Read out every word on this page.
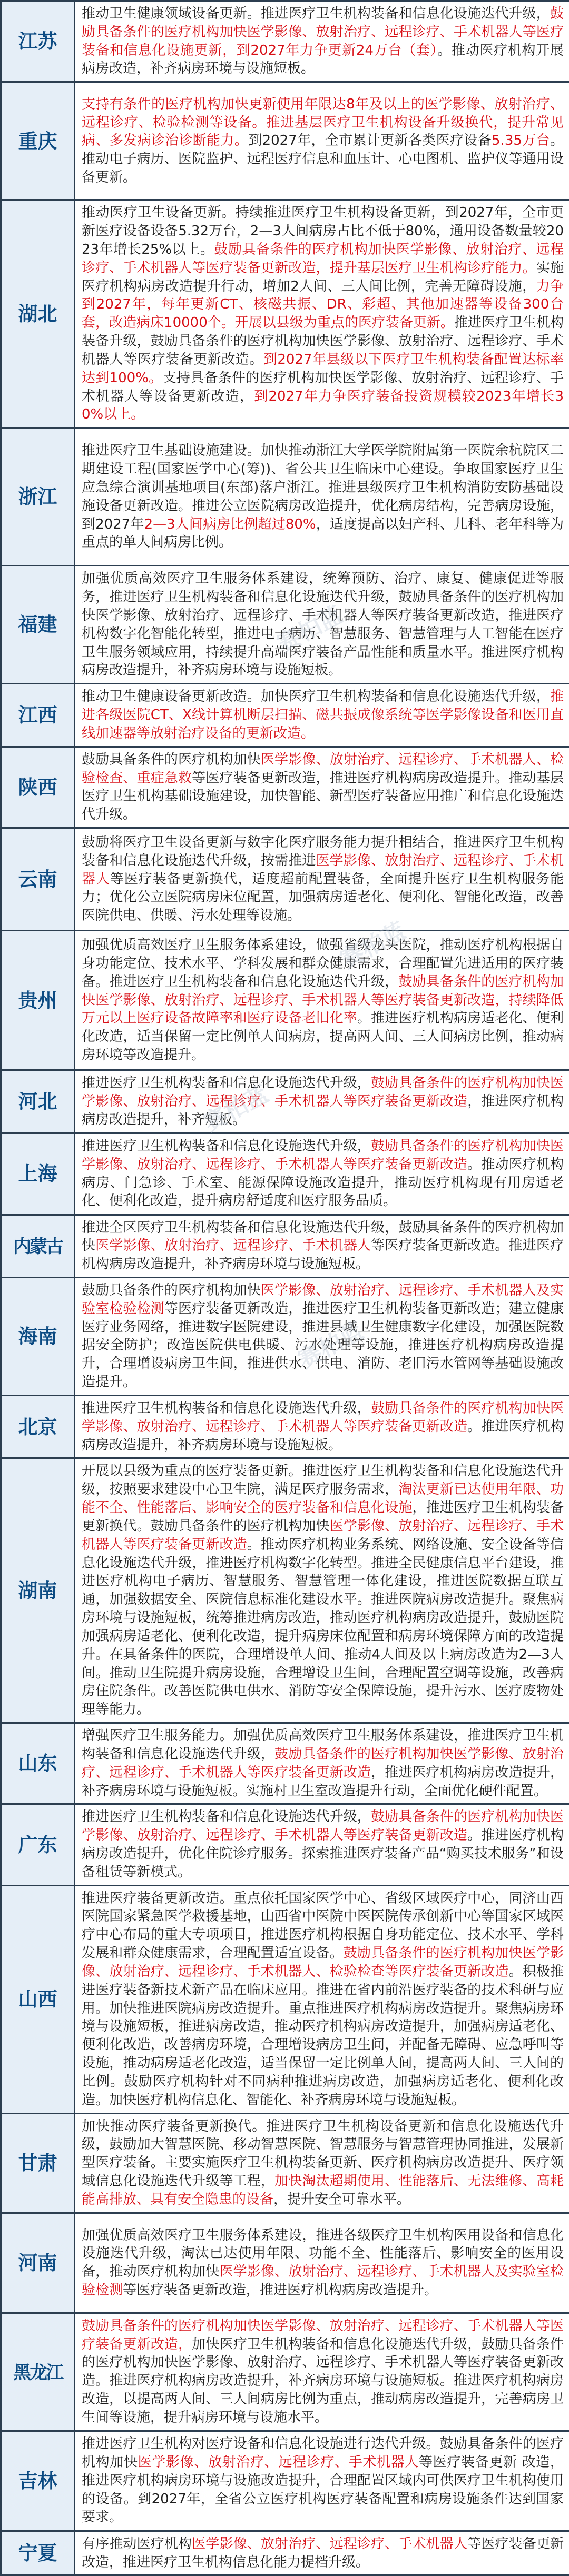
江苏	推动卫生健康领域设备更新。推进医疗卫生机构装备和信息化设施迭代升级，鼓励具备条件的医疗机构加快医学影像、放射治疗、远程诊疗、手术机器人等医疗装备和信息化设施更新，到2027年力争更新24万台（套）。推动医疗机构开展病房改造，补齐病房环境与设施短板。
重庆	支持有条件的医疗机构加快更新使用年限达8年及以上的医学影像、放射治疗、远程诊疗、检验检测等设备。推进基层医疗卫生机构设备升级换代，提升常见病、多发病诊治诊断能力。到2027年，全市累计更新各类医疗设备5.35万台。推动电子病历、医院监护、远程医疗信息和血压计、心电图机、监护仪等通用设备更新。
湖北	推动医疗卫生设备更新。持续推进医疗卫生机构设备更新，到2027年，全市更新医疗设备设备5.32万台，2—3人间病房占比不低于80%，通用设备数量较2023年增长25%以上。鼓励具备条件的医疗机构加快医学影像、放射治疗、远程诊疗、手术机器人等医疗装备更新改造，提升基层医疗卫生机构诊疗能力。实施医疗机构病房改造提升行动，增加2人间、三人间比例，完善无障碍设施，力争到2027年，每年更新CT、核磁共振、DR、彩超、其他加速器等设备300台套，改造病床10000个。开展以县级为重点的医疗装备更新。推进医疗卫生机构装备升级，鼓励具备条件的医疗机构加快医学影像、放射治疗、远程诊疗、手术机器人等医疗装备更新改造。到2027年县级以下医疗卫生机构装备配置达标率达到100%。支持具备条件的医疗机构加快医学影像、放射治疗、远程诊疗、手术机器人等设备更新改造，到2027年力争医疗装备投资规模较2023年增长30%以上。
浙江	推进医疗卫生基础设施建设。加快推动浙江大学医学院附属第一医院余杭院区二期建设工程(国家医学中心(筹))、省公共卫生临床中心建设。争取国家医疗卫生应急综合演训基地项目(东部)落户浙江。推进县级医疗卫生机构消防安防基础设施设备更新改造。推进公立医院病房改造提升，优化病房结构，完善病房设施，到2027年2—3人间病房比例超过80%，适度提高以妇产科、儿科、老年科等为重点的单人间病房比例。
福建	加强优质高效医疗卫生服务体系建设，统筹预防、治疗、康复、健康促进等服务，推进医疗卫生机构装备和信息化设施迭代升级，鼓励具备条件的医疗机构加快医学影像、放射治疗、远程诊疗、手术机器人等医疗装备更新改造，推进医疗机构数字化智能化转型，推进电子病历、智慧服务、智慧管理与人工智能在医疗卫生服务领域应用，持续提升高端医疗装备产品性能和质量水平。推进医疗机构病房改造提升，补齐病房环境与设施短板。
江西	推动卫生健康设备更新改造。加快医疗卫生机构装备和信息化设施迭代升级，推进各级医院CT、X线计算机断层扫描、磁共振成像系统等医学影像设备和医用直线加速器等放射治疗设备的更新改造。
陕西	鼓励具备条件的医疗机构加快医学影像、放射治疗、远程诊疗、手术机器人、检验检查、重症急救等医疗装备更新改造，推进医疗机构病房改造提升。推动基层医疗卫生机构基础设施建设，加快智能、新型医疗装备应用推广和信息化设施迭代升级。
云南	鼓励将医疗卫生设备更新与数字化医疗服务能力提升相结合，推进医疗卫生机构装备和信息化设施迭代升级，按需推进医学影像、放射治疗、远程诊疗、手术机器人等医疗装备更新换代，适度超前配置装备，全面提升医疗卫生机构服务能力；优化公立医院病房床位配置，加强病房适老化、便利化、智能化改造，改善医院供电、供暖、污水处理等设施。
贵州	加强优质高效医疗卫生服务体系建设，做强省级龙头医院，推动医疗机构根据自身功能定位、技术水平、学科发展和群众健康需求，合理配置先进适用的医疗装备。推进医疗卫生机构装备和信息化设施迭代升级，鼓励具备条件的医疗机构加快医学影像、放射治疗、远程诊疗、手术机器人等医疗装备更新改造，持续降低万元以上医疗设备故障率和医疗设备老旧化率。推进医疗机构病房适老化、便利化改造，适当保留一定比例单人间病房，提高两人间、三人间病房比例，推动病房环境等改造提升。
河北	推进医疗卫生机构装备和信息化设施迭代升级，鼓励具备条件的医疗机构加快医学影像、放射治疗、远程诊疗、手术机器人等医疗装备更新改造，推进医疗机构病房改造提升，补齐短板。
上海	推进医疗卫生机构装备和信息化设施迭代升级，鼓励具备条件的医疗机构加快医学影像、放射治疗、远程诊疗、手术机器人等医疗装备更新改造。推动医疗机构病房、门急诊、手术室、能源保障设施改造提升，推动医疗机构现有用房适老化、便利化改造，提升病房舒适度和医疗服务品质。
内蒙古	推进全区医疗卫生机构装备和信息化设施迭代升级，鼓励具备条件的医疗机构加快医学影像、放射治疗、远程诊疗、手术机器人等医疗装备更新改造。推进医疗机构病房改造提升，补齐病房环境与设施短板。
海南	鼓励具备条件的医疗机构加快医学影像、放射治疗、远程诊疗、手术机器人及实验室检验检测等医疗装备更新改造，推进医疗卫生机构装备更新改造；建立健康医疗业务网络，推进数字医院建设，推进县域卫生健康数字化建设，加强医院数据安全防护；改造医院供电供暖、污水处理等设施，推进医疗机构病房改造提升，合理增设病房卫生间，推进供水、供电、消防、老旧污水管网等基础设施改造提升。
北京	推进医疗卫生机构装备和信息化设施迭代升级，鼓励具备条件的医疗机构加快医学影像、放射治疗、远程诊疗、手术机器人等医疗装备更新改造。推进医疗机构病房改造提升，补齐病房环境与设施短板。
湖南	开展以县级为重点的医疗装备更新。推进医疗卫生机构装备和信息化设施迭代升级，按照要求建设中心卫生院，满足医疗服务需求，淘汰更新已达使用年限、功能不全、性能落后、影响安全的医疗装备和信息化设施，推进医疗卫生机构装备更新换代。鼓励具备条件的医疗机构加快医学影像、放射治疗、远程诊疗、手术机器人等医疗装备更新改造。推动医疗机构业务系统、网络设施、安全设备等信息化设施迭代升级，推进医疗机构数字化转型。推进全民健康信息平台建设，推进医疗机构电子病历、智慧服务、智慧管理一体化建设，推进医院数据互联互通，加强数据安全、医院信息标准化建设水平。推进医院病房改造提升。聚焦病房环境与设施短板，统筹推进病房改造，推动医疗机构病房改造提升，鼓励医院加强病房适老化、便利化改造，提升病房床位配置和病房环境保障方面的改造提升。在具备条件的医院，合理增设单人间、推动4人间及以上病房改造为2—3人间。推动卫生院提升病房设施，合理增设卫生间，合理配置空调等设施，改善病房住院条件。改善医院供电供水、消防等安全保障设施，提升污水、医疗废物处理等能力。
山东	增强医疗卫生服务能力。加强优质高效医疗卫生服务体系建设，推进医疗卫生机构装备和信息化设施迭代升级，鼓励具备条件的医疗机构加快医学影像、放射治疗、远程诊疗、手术机器人等医疗装备更新改造，推进医疗机构病房改造提升，补齐病房环境与设施短板。实施村卫生室改造提升行动，全面优化硬件配置。
广东	推进医疗卫生机构装备和信息化设施迭代升级，鼓励具备条件的医疗机构加快医学影像、放射治疗、远程诊疗、手术机器人等医疗装备更新改造。推进医疗机构病房改造提升，优化住院诊疗服务。探索推进医疗装备产品“购买技术服务”和设备租赁等新模式。
山西	推进医疗装备更新改造。重点依托国家医学中心、省级区域医疗中心，同济山西医院国家紧急医学救援基地，山西省中医院中医医院传承创新中心等国家区域医疗中心布局的重大专项项目，推进医疗机构根据自身功能定位、技术水平、学科发展和群众健康需求，合理配置适宜设备。鼓励具备条件的医疗机构加快医学影像、放射治疗、远程诊疗、手术机器人、检验检查等医疗装备更新改造。积极推进医疗装备新技术新产品在临床应用。推进在省内前沿医疗装备的技术科研与应用。加快推进医院病房改造提升。重点推进医疗机构病房改造提升。聚焦病房环境与设施短板，推进病房改造，推动医疗机构病房改造提升，加强病房适老化、便利化改造，改善病房环境，合理增设病房卫生间，并配备无障碍、应急呼叫等设施，推动病房适老化改造，适当保留一定比例单人间，提高两人间、三人间的比例。鼓励医疗机构针对不同病种推进病房改造，加强病房适老化、便利化改造。加快医疗机构信息化、智能化、补齐病房环境与设施短板。
甘肃	加快推动医疗装备更新换代。推进医疗卫生机构设备更新和信息化设施迭代升级，鼓励加大智慧医院、移动智慧医院、智慧服务与智慧管理协同推进，发展新型医疗装备。主要实施医疗卫生机构装备更新、医疗机构病房改造提升、医疗领域信息化设施迭代升级等工程，加快淘汰超期使用、性能落后、无法维修、高耗能高排放、具有安全隐患的设备，提升安全可靠水平。
河南	加强优质高效医疗卫生服务体系建设，推进各级医疗卫生机构医用设备和信息化设施迭代升级，淘汰已达使用年限、功能不全、性能落后、影响安全的医用设备，推动医疗机构加快医学影像、放射治疗、远程诊疗、手术机器人及实验室检验检测等医疗装备更新改造，推进医疗机构病房改造提升。
黑龙江	鼓励具备条件的医疗机构加快医学影像、放射治疗、远程诊疗、手术机器人等医疗装备更新改造，加快医疗卫生机构装备和信息化设施迭代升级，鼓励具备条件的医疗机构加快医学影像、放射治疗、远程诊疗、手术机器人等医疗装备更新改造。推进医疗机构病房改造提升，补齐病房环境与设施短板。推进医疗机构病房改造，以提高两人间、三人间病房比例为重点，推动病房改造提升，完善病房卫生间等设施，提升病房环境与设施水平。
吉林	推进医疗卫生机构对医疗设备和信息化设施进行迭代升级。鼓励具备条件的医疗机构加快医学影像、放射治疗、远程诊疗、手术机器人等医疗装备更新 改造，推进医疗机构病房环境与设施改造提升，合理配置区域内可供医疗卫生机构使用的设备。到2027年，全省公立医疗机构医疗装备配置和病房设施条件达到国家要求。
宁夏	有序推动医疗机构医学影像、放射治疗、远程诊疗、手术机器人等医疗装备更新改造，推进医疗卫生机构信息化能力提档升级。
赛柏蓝
赛柏蓝
赛柏蓝
赛柏蓝
